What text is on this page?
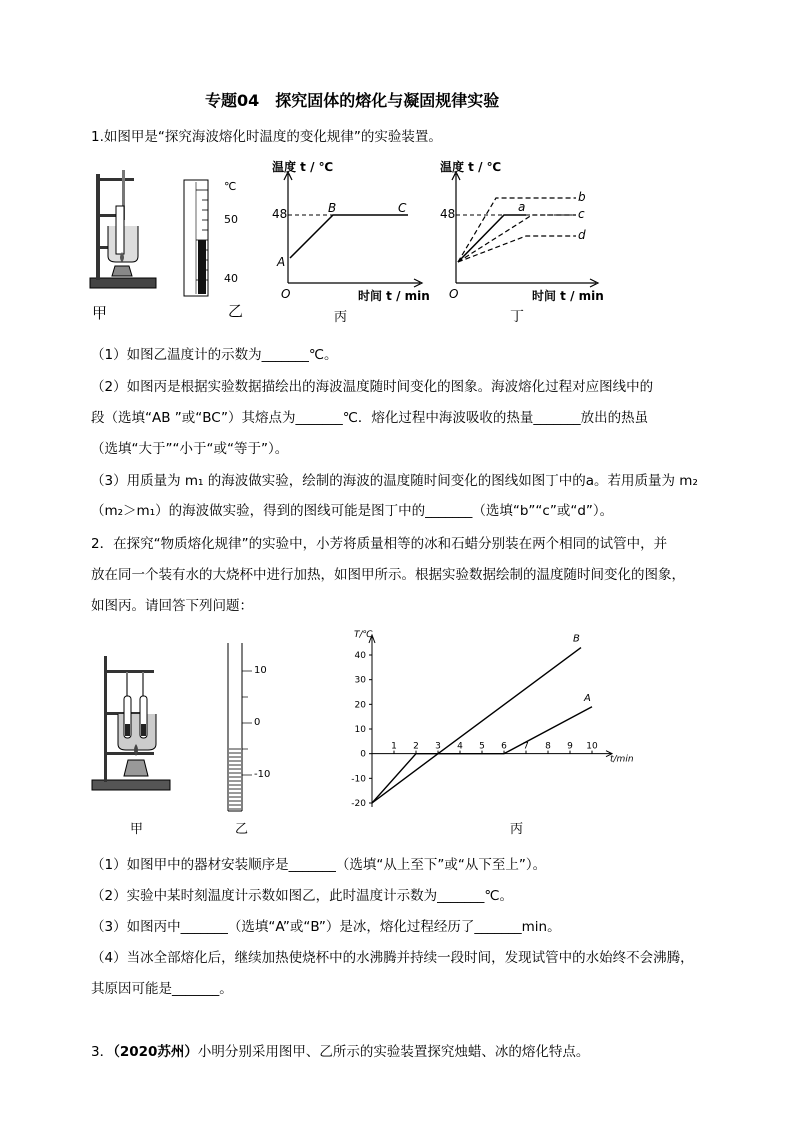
专题04　探究固体的熔化与凝固规律实验
1.如图甲是“探究海波熔化时温度的变化规律”的实验装置。
甲
℃
50
40
乙
温度 t / ℃
48
A
B	C
O	时间 t / min
丙
温度 t / ℃
48
b
a	c
d
O	时间 t / min
丁
（1）如图乙温度计的示数为_______℃。
（2）如图丙是根据实验数据描绘出的海波温度随时间变化的图象。海波熔化过程对应图线中的
段（选填“AB ”或“BC”）其熔点为_______℃．熔化过程中海波吸收的热量_______放出的热虽
（选填“大于”“小于“或“等于”）。
（3）用质量为 m₁ 的海波做实验，绘制的海波的温度随时间变化的图线如图丁中的a。若用质量为 m₂
（m₂＞m₁）的海波做实验，得到的图线可能是图丁中的_______（选填“b”“c”或“d”）。
2．在探究“物质熔化规律”的实验中，小芳将质量相等的冰和石蜡分别装在两个相同的试管中，并
放在同一个装有水的大烧杯中进行加热，如图甲所示。根据实验数据绘制的温度随时间变化的图象，
如图丙。请回答下列问题：
甲
10
0
-10
乙
T/℃
t/min
-20
-10
0
10
20
30
40
1 2 3 4 5 6 7 8 9 10
A
B
丙
（1）如图甲中的器材安装顺序是_______（选填“从上至下”或“从下至上”）。
（2）实验中某时刻温度计示数如图乙，此时温度计示数为_______℃。
（3）如图丙中_______（选填“A”或“B”）是冰，熔化过程经历了_______min。
（4）当冰全部熔化后，继续加热使烧杯中的水沸腾并持续一段时间，发现试管中的水始终不会沸腾，
其原因可能是_______。
3．（2020苏州）小明分别采用图甲、乙所示的实验装置探究烛蜡、冰的熔化特点。
